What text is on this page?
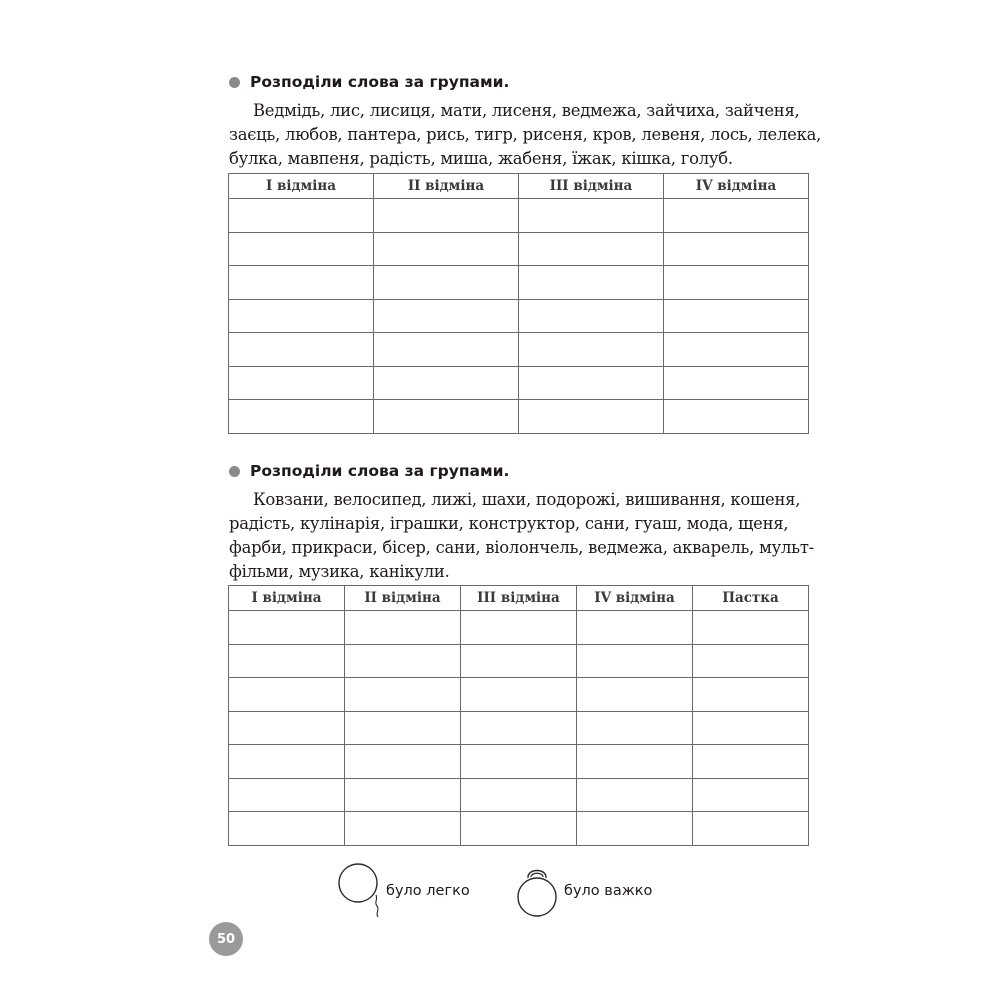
Розподіли слова за групами.

Ведмідь, лис, лисиця, мати, лисеня, ведмежа, зайчиха, зайченя,
заєць, любов, пантера, рись, тигр, рисеня, кров, левеня, лось, лелека,
булка, мавпеня, радість, миша, жабеня, їжак, кішка, голуб.

І відміна	ІІ відміна	ІІІ відміна	ІV відміна

Розподіли слова за групами.

Ковзани, велосипед, лижі, шахи, подорожі, вишивання, кошеня,
радість, кулінарія, іграшки, конструктор, сани, гуаш, мода, щеня,
фарби, прикраси, бісер, сани, віолончель, ведмежа, акварель, мульт-
фільми, музика, канікули.

І відміна	ІІ відміна	ІІІ відміна	ІV відміна	Пастка

було легко	було важко
50
